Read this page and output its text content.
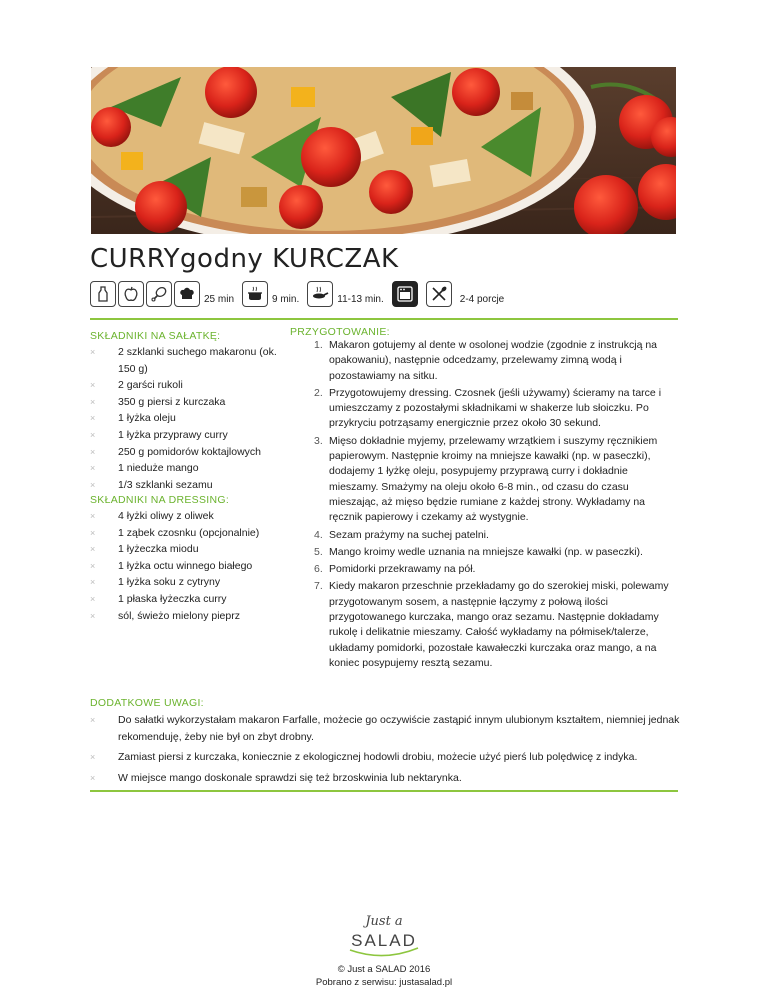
CURRYgodny KURCZAK
25 min	9 min.	11-13 min.	2-4 porcje
SKŁADNIKI NA SAŁATKĘ:
× 2 szklanki suchego makaronu (ok. 150 g)
× 2 garści rukoli
× 350 g piersi z kurczaka
× 1 łyżka oleju
× 1 łyżka przyprawy curry
× 250 g pomidorów koktajlowych
× 1 nieduże mango
× 1/3 szklanki sezamu
SKŁADNIKI NA DRESSING:
× 4 łyżki oliwy z oliwek
× 1 ząbek czosnku (opcjonalnie)
× 1 łyżeczka miodu
× 1 łyżka octu winnego białego
× 1 łyżka soku z cytryny
× 1 płaska łyżeczka curry
× sól, świeżo mielony pieprz
PRZYGOTOWANIE:
1. Makaron gotujemy al dente w osolonej wodzie (zgodnie z instrukcją na opakowaniu), następnie odcedzamy, przelewamy zimną wodą i pozostawiamy na sitku.
2. Przygotowujemy dressing. Czosnek (jeśli używamy) ścieramy na tarce i umieszczamy z pozostałymi składnikami w shakerze lub słoiczku. Po przykryciu potrząsamy energicznie przez około 30 sekund.
3. Mięso dokładnie myjemy, przelewamy wrzątkiem i suszymy ręcznikiem papierowym. Następnie kroimy na mniejsze kawałki (np. w paseczki), dodajemy 1 łyżkę oleju, posypujemy przyprawą curry i dokładnie mieszamy. Smażymy na oleju około 6-8 min., od czasu do czasu mieszając, aż mięso będzie rumiane z każdej strony. Wykładamy na ręcznik papierowy i czekamy aż wystygnie.
4. Sezam prażymy na suchej patelni.
5. Mango kroimy wedle uznania na mniejsze kawałki (np. w paseczki).
6. Pomidorki przekrawamy na pół.
7. Kiedy makaron przeschnie przekładamy go do szerokiej miski, polewamy przygotowanym sosem, a następnie łączymy z połową ilości przygotowanego kurczaka, mango oraz sezamu. Następnie dokładamy rukolę i delikatnie mieszamy. Całość wykładamy na półmisek/talerze, układamy pomidorki, pozostałe kawałeczki kurczaka oraz mango, a na koniec posypujemy resztą sezamu.
DODATKOWE UWAGI:
× Do sałatki wykorzystałam makaron Farfalle, możecie go oczywiście zastąpić innym ulubionym kształtem, niemniej jednak rekomenduję, żeby nie był on zbyt drobny.
× Zamiast piersi z kurczaka, koniecznie z ekologicznej hodowli drobiu, możecie użyć pierś lub polędwicę z indyka.
× W miejsce mango doskonale sprawdzi się też brzoskwinia lub nektarynka.
Just a
SALAD
© Just a SALAD 2016
Pobrano z serwisu: justasalad.pl
